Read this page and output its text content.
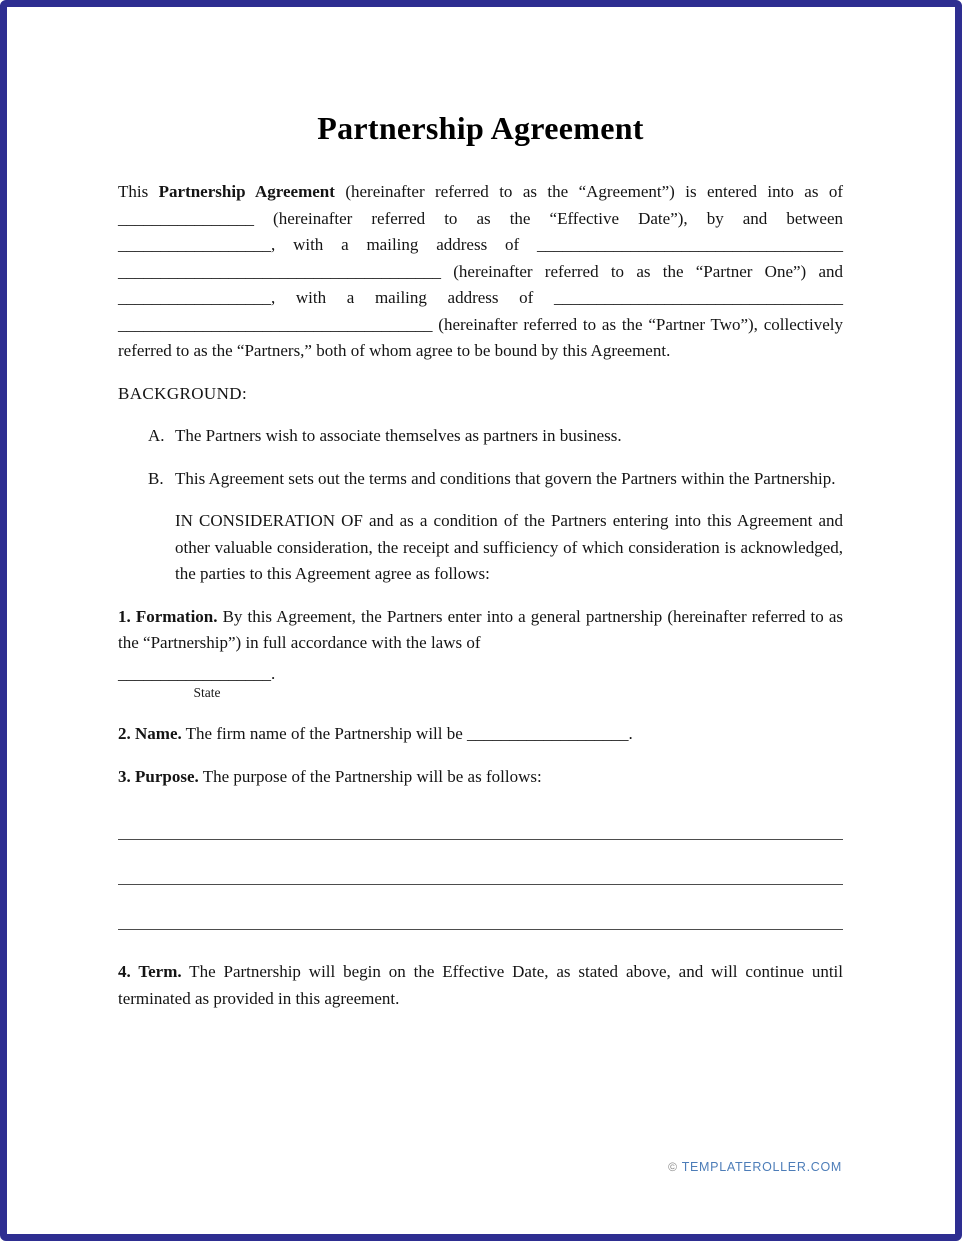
Partnership Agreement

This Partnership Agreement (hereinafter referred to as the “Agreement”) is entered into as of ________________ (hereinafter referred to as the “Effective Date”), by and between __________________, with a mailing address of ____________________________________ ______________________________________ (hereinafter referred to as the “Partner One”) and __________________, with a mailing address of __________________________________ _____________________________________ (hereinafter referred to as the “Partner Two”), collectively referred to as the “Partners,” both of whom agree to be bound by this Agreement.

BACKGROUND:

A. The Partners wish to associate themselves as partners in business.
B. This Agreement sets out the terms and conditions that govern the Partners within the Partnership.

IN CONSIDERATION OF and as a condition of the Partners entering into this Agreement and other valuable consideration, the receipt and sufficiency of which consideration is acknowledged, the parties to this Agreement agree as follows:

1. Formation. By this Agreement, the Partners enter into a general partnership (hereinafter referred to as the “Partnership”) in full accordance with the laws of

__________________.
State

2. Name. The firm name of the Partnership will be ___________________.

3. Purpose. The purpose of the Partnership will be as follows:

4. Term. The Partnership will begin on the Effective Date, as stated above, and will continue until terminated as provided in this agreement.

© TEMPLATEROLLER.COM
